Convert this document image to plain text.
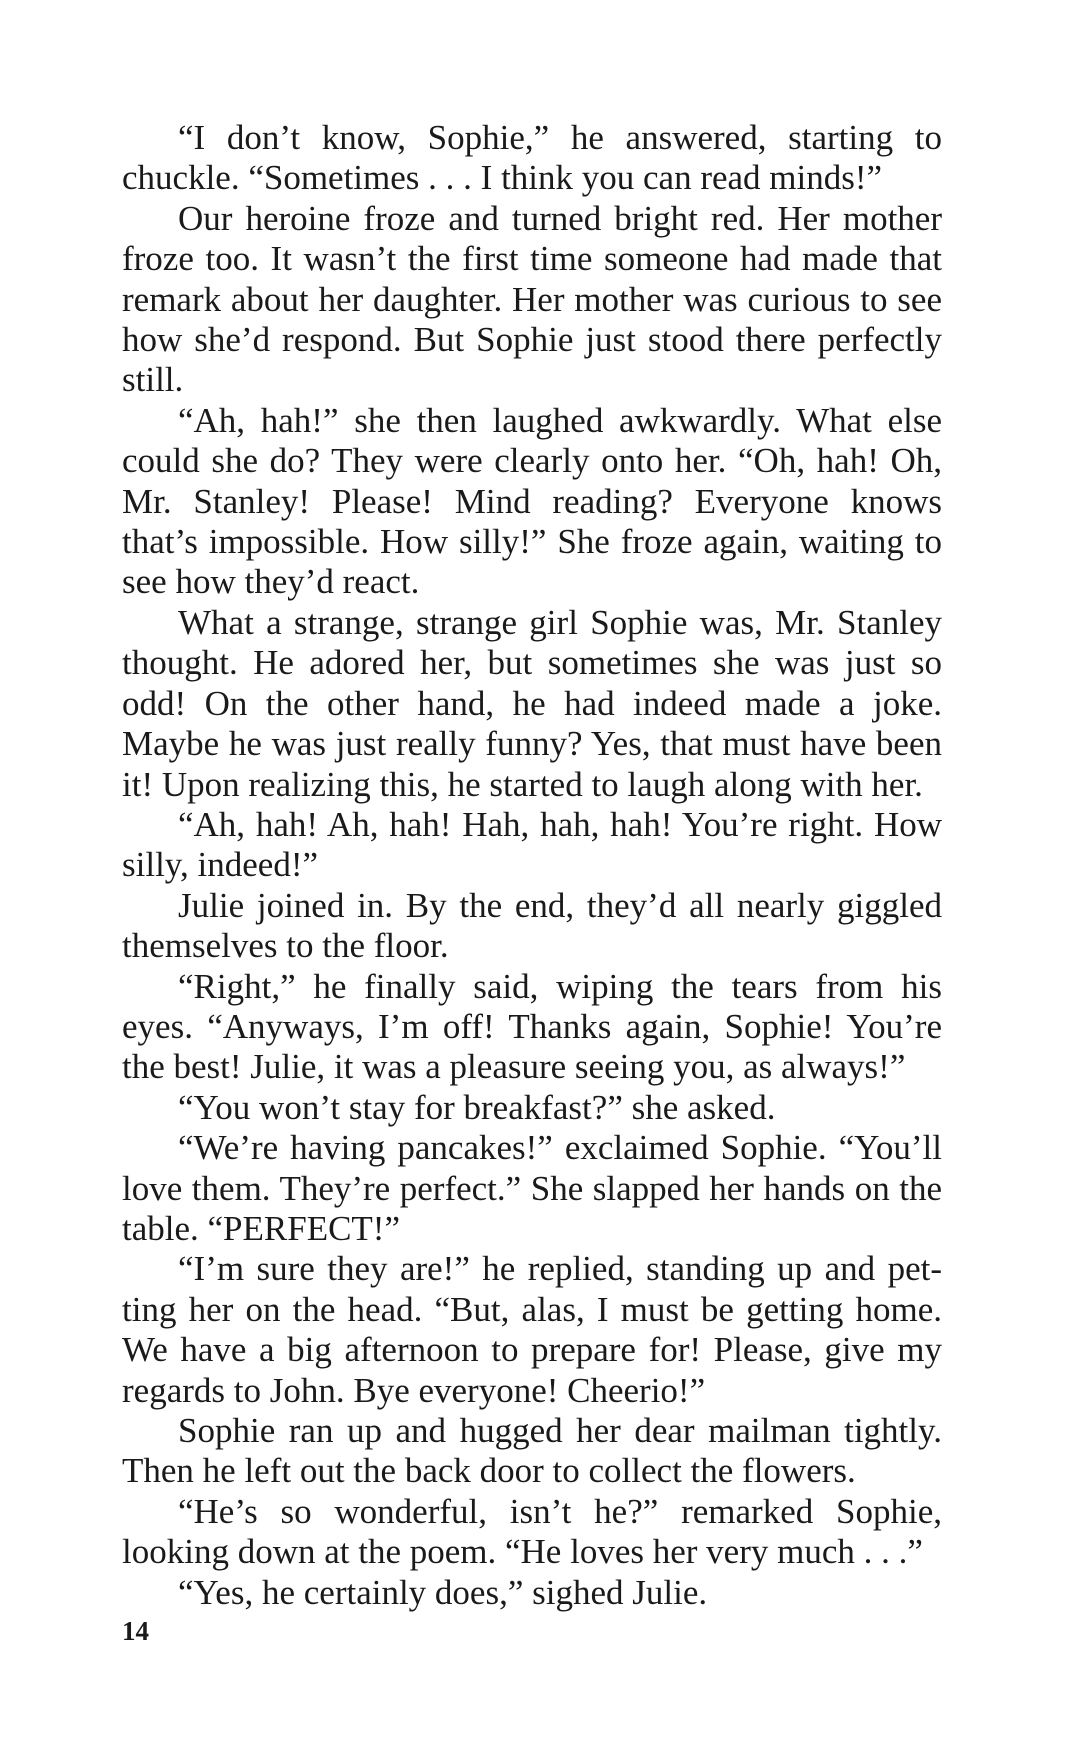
“I don’t know, Sophie,” he answered, starting to chuckle. “Sometimes . . . I think you can read minds!”

Our heroine froze and turned bright red. Her mother froze too. It wasn’t the first time someone had made that remark about her daughter. Her mother was curious to see how she’d respond. But Sophie just stood there perfectly still.

“Ah, hah!” she then laughed awkwardly. What else could she do? They were clearly onto her. “Oh, hah! Oh, Mr. Stanley! Please! Mind reading? Everyone knows that’s impossible. How silly!” She froze again, waiting to see how they’d react.

What a strange, strange girl Sophie was, Mr. Stanley thought. He adored her, but sometimes she was just so odd! On the other hand, he had indeed made a joke. Maybe he was just really funny? Yes, that must have been it! Upon realizing this, he started to laugh along with her.

“Ah, hah! Ah, hah! Hah, hah, hah! You’re right. How silly, indeed!”

Julie joined in. By the end, they’d all nearly giggled themselves to the floor.

“Right,” he finally said, wiping the tears from his eyes. “Anyways, I’m off! Thanks again, Sophie! You’re the best! Julie, it was a pleasure seeing you, as always!”

“You won’t stay for breakfast?” she asked.

“We’re having pancakes!” exclaimed Sophie. “You’ll love them. They’re perfect.” She slapped her hands on the table. “PERFECT!”

“I’m sure they are!” he replied, standing up and petting her on the head. “But, alas, I must be getting home. We have a big afternoon to prepare for! Please, give my regards to John. Bye everyone! Cheerio!”

Sophie ran up and hugged her dear mailman tightly. Then he left out the back door to collect the flowers.

“He’s so wonderful, isn’t he?” remarked Sophie, looking down at the poem. “He loves her very much . . .”

“Yes, he certainly does,” sighed Julie.

14
